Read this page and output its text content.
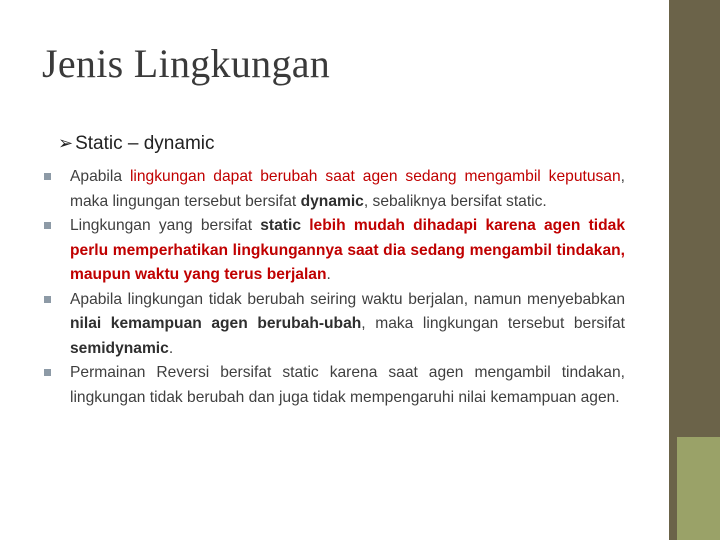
Jenis Lingkungan
➢ Static – dynamic
Apabila lingkungan dapat berubah saat agen sedang mengambil keputusan, maka lingungan tersebut bersifat dynamic, sebaliknya bersifat static.
Lingkungan yang bersifat static lebih mudah dihadapi karena agen tidak perlu memperhatikan lingkungannya saat dia sedang mengambil tindakan, maupun waktu yang terus berjalan.
Apabila lingkungan tidak berubah seiring waktu berjalan, namun menyebabkan nilai kemampuan agen berubah-ubah, maka lingkungan tersebut bersifat semidynamic.
Permainan Reversi bersifat static karena saat agen mengambil tindakan, lingkungan tidak berubah dan juga tidak mempengaruhi nilai kemampuan agen.
